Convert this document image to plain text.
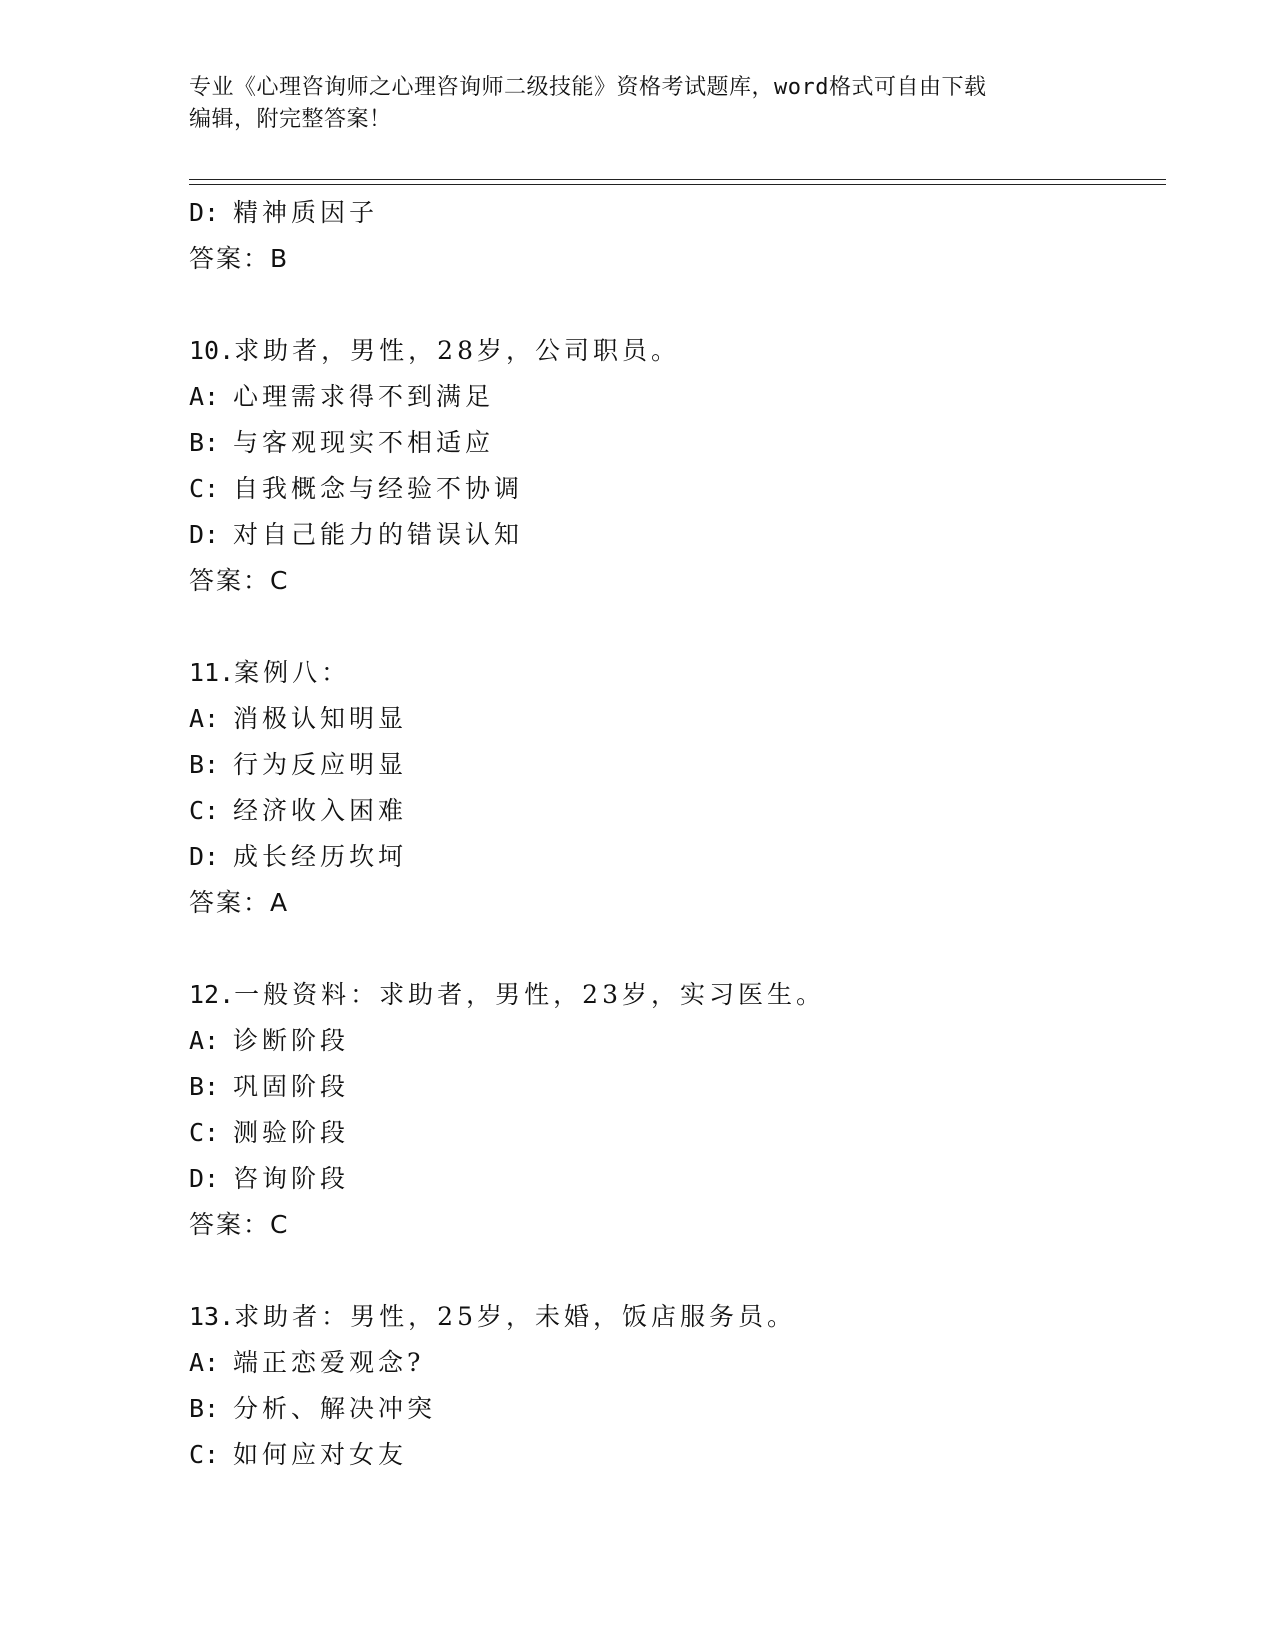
专业《心理咨询师之心理咨询师二级技能》资格考试题库，word格式可自由下载
编辑，附完整答案！
D: 精神质因子
答案：B
10.求助者，男性，28岁，公司职员。
A: 心理需求得不到满足
B: 与客观现实不相适应
C: 自我概念与经验不协调
D: 对自己能力的错误认知
答案：C
11.案例八：
A: 消极认知明显
B: 行为反应明显
C: 经济收入困难
D: 成长经历坎坷
答案：A
12.一般资料：求助者，男性，23岁，实习医生。
A: 诊断阶段
B: 巩固阶段
C: 测验阶段
D: 咨询阶段
答案：C
13.求助者：男性，25岁，未婚，饭店服务员。
A: 端正恋爱观念?
B: 分析、解决冲突
C: 如何应对女友
